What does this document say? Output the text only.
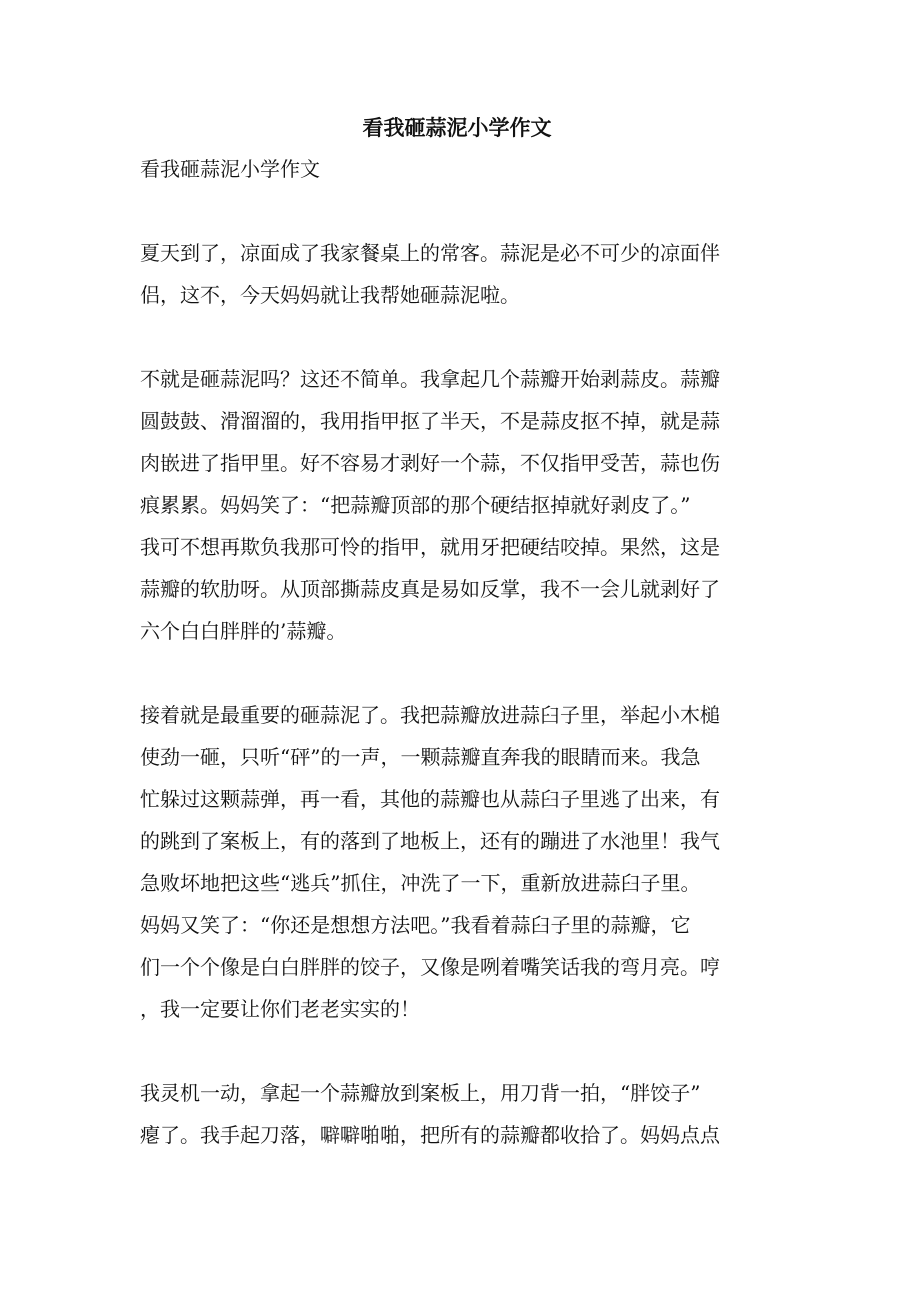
看我砸蒜泥小学作文

看我砸蒜泥小学作文

夏天到了，凉面成了我家餐桌上的常客。蒜泥是必不可少的凉面伴
侣，这不，今天妈妈就让我帮她砸蒜泥啦。

不就是砸蒜泥吗？这还不简单。我拿起几个蒜瓣开始剥蒜皮。蒜瓣
圆鼓鼓、滑溜溜的，我用指甲抠了半天，不是蒜皮抠不掉，就是蒜
肉嵌进了指甲里。好不容易才剥好一个蒜，不仅指甲受苦，蒜也伤
痕累累。妈妈笑了：“把蒜瓣顶部的那个硬结抠掉就好剥皮了。”
我可不想再欺负我那可怜的指甲，就用牙把硬结咬掉。果然，这是
蒜瓣的软肋呀。从顶部撕蒜皮真是易如反掌，我不一会儿就剥好了
六个白白胖胖的’蒜瓣。

接着就是最重要的砸蒜泥了。我把蒜瓣放进蒜臼子里，举起小木槌
使劲一砸，只听“砰”的一声，一颗蒜瓣直奔我的眼睛而来。我急
忙躲过这颗蒜弹，再一看，其他的蒜瓣也从蒜臼子里逃了出来，有
的跳到了案板上，有的落到了地板上，还有的蹦进了水池里！我气
急败坏地把这些“逃兵”抓住，冲洗了一下，重新放进蒜臼子里。
妈妈又笑了：“你还是想想方法吧。”我看着蒜臼子里的蒜瓣，它
们一个个像是白白胖胖的饺子，又像是咧着嘴笑话我的弯月亮。哼
，我一定要让你们老老实实的！

我灵机一动，拿起一个蒜瓣放到案板上，用刀背一拍，“胖饺子”
瘪了。我手起刀落，噼噼啪啪，把所有的蒜瓣都收拾了。妈妈点点
